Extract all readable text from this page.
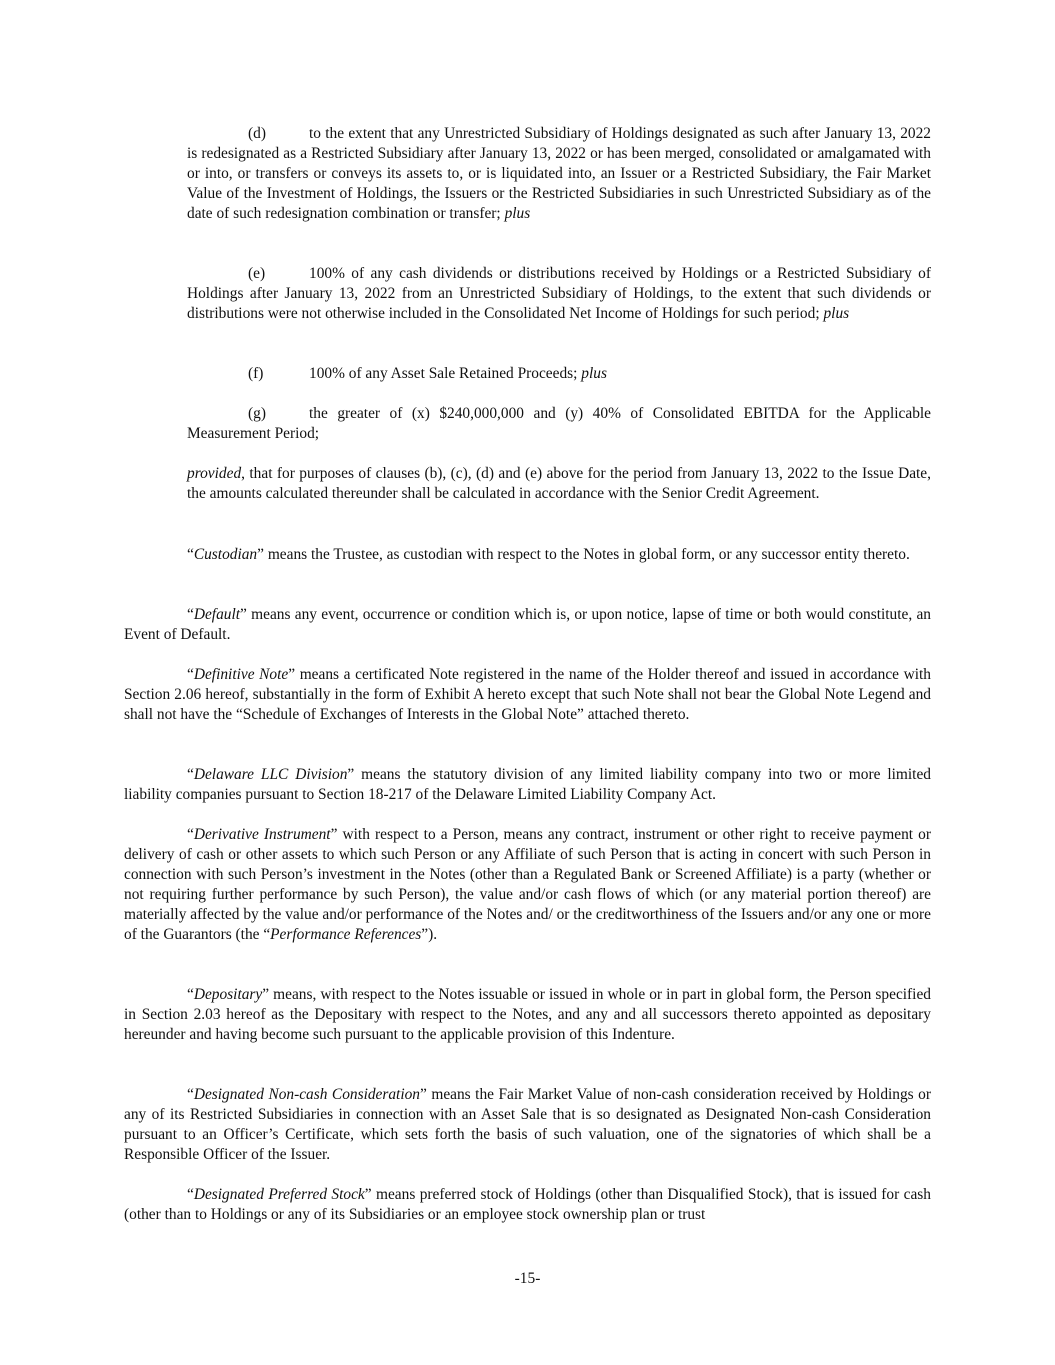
(d)	to the extent that any Unrestricted Subsidiary of Holdings designated as such after January 13, 2022 is redesignated as a Restricted Subsidiary after January 13, 2022 or has been merged, consolidated or amalgamated with or into, or transfers or conveys its assets to, or is liquidated into, an Issuer or a Restricted Subsidiary, the Fair Market Value of the Investment of Holdings, the Issuers or the Restricted Subsidiaries in such Unrestricted Subsidiary as of the date of such redesignation combination or transfer; plus

(e)	100% of any cash dividends or distributions received by Holdings or a Restricted Subsidiary of Holdings after January 13, 2022 from an Unrestricted Subsidiary of Holdings, to the extent that such dividends or distributions were not otherwise included in the Consolidated Net Income of Holdings for such period; plus

(f)	100% of any Asset Sale Retained Proceeds; plus

(g)	the greater of (x) $240,000,000 and (y) 40% of Consolidated EBITDA for the Applicable Measurement Period;

provided, that for purposes of clauses (b), (c), (d) and (e) above for the period from January 13, 2022 to the Issue Date, the amounts calculated thereunder shall be calculated in accordance with the Senior Credit Agreement.

“Custodian” means the Trustee, as custodian with respect to the Notes in global form, or any successor entity thereto.

“Default” means any event, occurrence or condition which is, or upon notice, lapse of time or both would constitute, an Event of Default.

“Definitive Note” means a certificated Note registered in the name of the Holder thereof and issued in accordance with Section 2.06 hereof, substantially in the form of Exhibit A hereto except that such Note shall not bear the Global Note Legend and shall not have the “Schedule of Exchanges of Interests in the Global Note” attached thereto.

“Delaware LLC Division” means the statutory division of any limited liability company into two or more limited liability companies pursuant to Section 18-217 of the Delaware Limited Liability Company Act.

“Derivative Instrument” with respect to a Person, means any contract, instrument or other right to receive payment or delivery of cash or other assets to which such Person or any Affiliate of such Person that is acting in concert with such Person in connection with such Person’s investment in the Notes (other than a Regulated Bank or Screened Affiliate) is a party (whether or not requiring further performance by such Person), the value and/or cash flows of which (or any material portion thereof) are materially affected by the value and/or performance of the Notes and/ or the creditworthiness of the Issuers and/or any one or more of the Guarantors (the “Performance References”).

“Depositary” means, with respect to the Notes issuable or issued in whole or in part in global form, the Person specified in Section 2.03 hereof as the Depositary with respect to the Notes, and any and all successors thereto appointed as depositary hereunder and having become such pursuant to the applicable provision of this Indenture.

“Designated Non-cash Consideration” means the Fair Market Value of non-cash consideration received by Holdings or any of its Restricted Subsidiaries in connection with an Asset Sale that is so designated as Designated Non-cash Consideration pursuant to an Officer’s Certificate, which sets forth the basis of such valuation, one of the signatories of which shall be a Responsible Officer of the Issuer.

“Designated Preferred Stock” means preferred stock of Holdings (other than Disqualified Stock), that is issued for cash (other than to Holdings or any of its Subsidiaries or an employee stock ownership plan or trust

-15-
